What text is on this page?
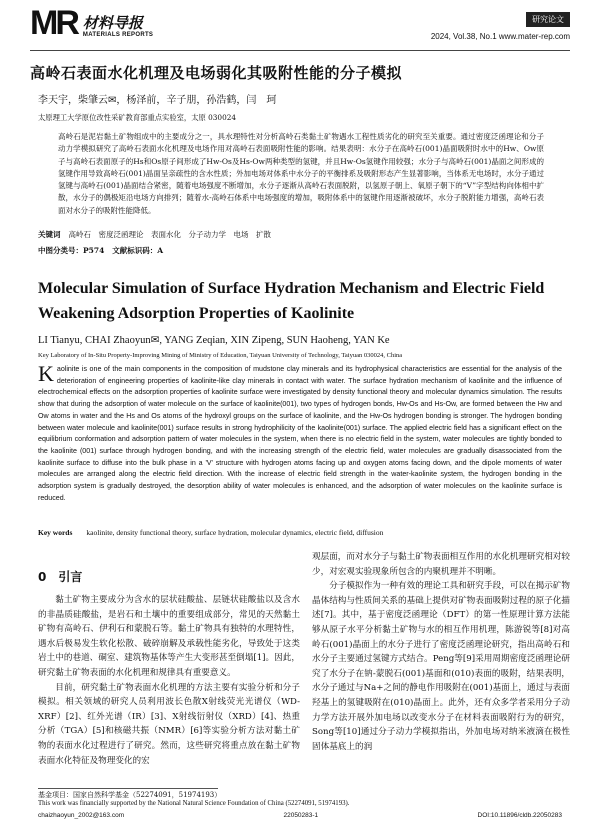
MR 材料导报
MATERIALS REPORTS
研究论文
2024, Vol.38, No.1 www.mater-rep.com
高岭石表面水化机理及电场弱化其吸附性能的分子模拟
李天宇，柴肇云✉，杨泽前，辛子朋，孙浩鹤，闫　珂
太原理工大学原位改性采矿教育部重点实验室，太原 030024

高岭石是泥岩黏土矿物组成中的主要成分之一，具水理特性对分析高岭石类黏土矿物遇水工程性质劣化的研究至关重要。通过密度泛函理论和分子动力学模拟研究了高岭石表面水化机理及电场作用对高岭石表面吸附性能的影响。结果表明：水分子在高岭石(001)晶面吸附时水中的Hw、Ow原子与高岭石表面原子的Hs和Os原子间形成了Hw-Os及Hs-Ow两种类型的氢键，并且Hw-Os氢键作用较强；水分子与高岭石(001)晶面之间形成的氢键作用导致高岭石(001)晶面呈亲疏性的含水性质；外加电场对体系中水分子的平衡排系及吸附形态产生显著影响，当体系无电场时，水分子通过氢键与高岭石(001)晶面结合紧密，随着电场强度不断增加，水分子逐渐从高岭石表面脱附，以氢原子朝上、氧原子朝下的“V”字型结构向体相中扩散，水分子的偶极矩沿电场方向排列；随着水-高岭石体系中电场强度的增加，吸附体系中的氢键作用逐渐被破坏，水分子脱附能力增强，高岭石表面对水分子的吸附性能降低。

关键词 高岭石　密度泛函理论　表面水化　分子动力学　电场　扩散
中图分类号：P574 文献标识码：A
Molecular Simulation of Surface Hydration Mechanism and Electric Field Weakening Adsorption Properties of Kaolinite
LI Tianyu, CHAI Zhaoyun✉, YANG Zeqian, XIN Zipeng, SUN Haoheng, YAN Ke
Key Laboratory of In-Situ Property-Improving Mining of Ministry of Education, Taiyuan University of Technology, Taiyuan 030024, China

Kaolinite is one of the main components in the composition of mudstone clay minerals and its hydrophysical characteristics are essential for the analysis of the deterioration of engineering properties of kaolinite-like clay minerals in contact with water. The surface hydration mechanism of kaolinite and the influence of electrochemical effects on the adsorption properties of kaolinite surface were investigated by density functional theory and molecular dynamics simulation. The results show that during the adsorption of water molecule on the surface of kaolinite(001), two types of hydrogen bonds, Hw-Os and Hs-Ow, are formed between the Hw and Ow atoms in water and the Hs and Os atoms of the hydroxyl groups on the surface of kaolinite, and the Hw-Os hydrogen bonding is stronger. The hydrogen bonding between water molecule and kaolinite(001) surface results in strong hydrophilicity of the kaolinite(001) surface. The applied electric field has a significant effect on the equilibrium conformation and adsorption pattern of water molecules in the system, when there is no electric field in the system, water molecules are tightly bonded to the kaolinite (001) surface through hydrogen bonding, and with the increasing strength of the electric field, water molecules are gradually disassociated from the kaolinite surface to diffuse into the bulk phase in a 'V' structure with hydrogen atoms facing up and oxygen atoms facing down, and the dipole moments of water molecules are arranged along the electric field direction. With the increase of electric field strength in the water-kaolinite system, the hydrogen bonding in the adsorption system is gradually destroyed, the desorption ability of water molecules is enhanced, and the adsorption of water molecules on the kaolinite surface is reduced.

Key words kaolinite, density functional theory, surface hydration, molecular dynamics, electric field, diffusion
0　引言

黏土矿物主要成分为含水的层状硅酸盐、层链状硅酸盐以及含水的非晶质硅酸盐，是岩石和土壤中的重要组成部分，常见的天然黏土矿物有高岭石、伊利石和蒙脱石等。黏土矿物具有独特的水理特性，遇水后极易发生软化松散、破碎崩解及承载性能劣化，导致处于这类岩土中的巷道、硐室、建筑物基体等产生大变形甚至倒塌[1]。因此，研究黏土矿物表面的水化机理和规律具有重要意义。

目前，研究黏土矿物表面水化机理的方法主要有实验分析和分子模拟。相关领域的研究人员利用波长色散X射线荧光光谱仪（WD-XRF）[2]、红外光谱（IR）[3]、X射线衍射仪（XRD）[4]、热重分析（TGA）[5]和核磁共振（NMR）[6]等实验分析方法对黏土矿物的表面水化过程进行了研究。然而，这些研究将重点放在黏土矿物表面水化特征及物理变化的宏

观层面，而对水分子与黏土矿物表面相互作用的水化机理研究相对较少，对宏观实验现象所包含的内聚机理并不明晰。

分子模拟作为一种有效的理论工具和研究手段，可以在揭示矿物晶体结构与性质间关系的基础上提供对矿物表面吸附过程的原子化描述[7]。其中，基于密度泛函理论（DFT）的第一性原理计算方法能够从原子水平分析黏土矿物与水的相互作用机理，陈游锐等[8]对高岭石(001)晶面上的水分子进行了密度泛函理论研究，指出高岭石和水分子主要通过氢键方式结合。Peng等[9]采用周期密度泛函理论研究了水分子在钠-蒙脱石(001)基面和(010)表面的吸附，结果表明，水分子通过与Na+之间的静电作用吸附在(001)基面上，通过与表面羟基上的氢键吸附在(010)晶面上。此外，还有众多学者采用分子动力学方法开展外加电场以改变水分子在材料表面吸附行为的研究，Song等[10]通过分子动力学模拟指出，外加电场对纳米液滴在极性固体基底上的润

基金项目：国家自然科学基金（52274091，51974193）
This work was financially supported by the National Natural Science Foundation of China (52274091, 51974193).
chaizhaoyun_2002@163.com	22050283-1	DOI:10.11896/cldb.22050283
